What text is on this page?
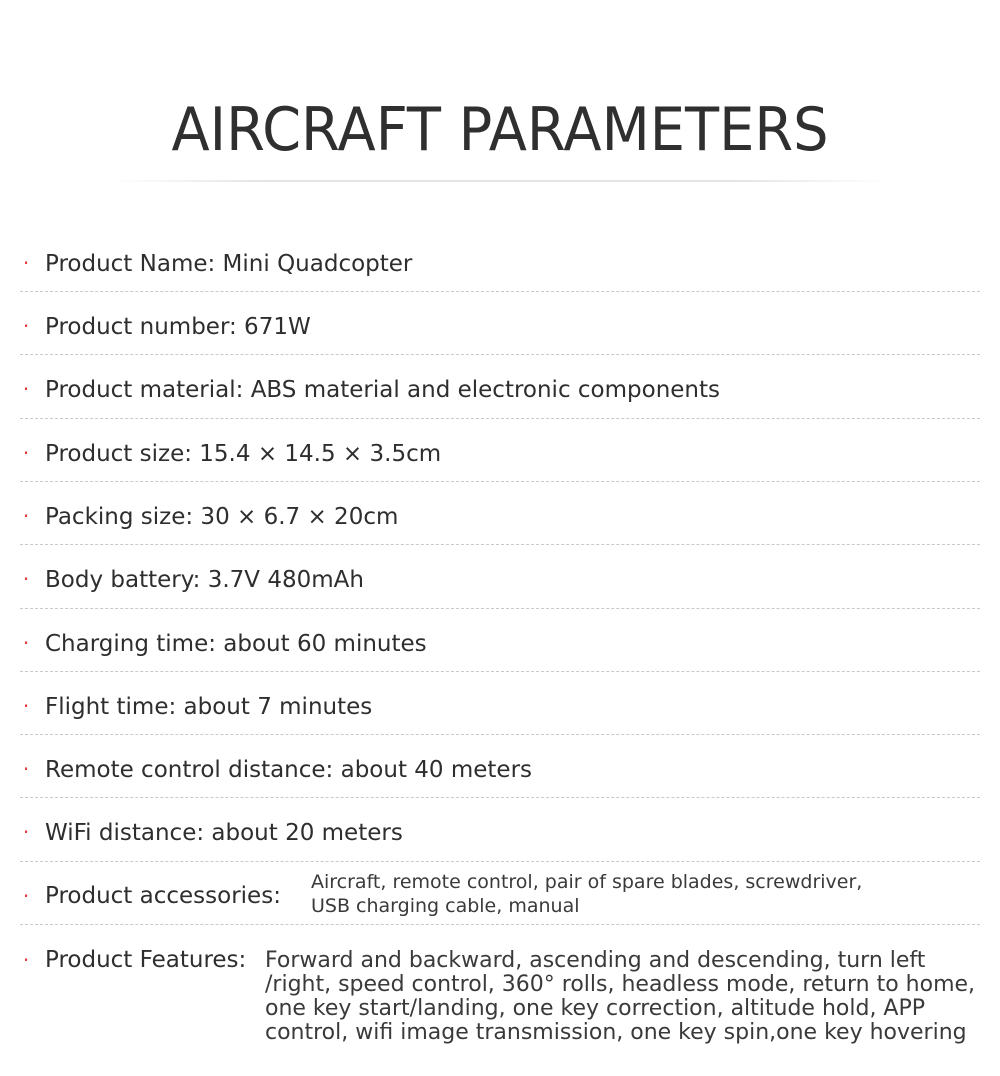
AIRCRAFT PARAMETERS
· Product Name: Mini Quadcopter
· Product number: 671W
· Product material: ABS material and electronic components
· Product size: 15.4 × 14.5 × 3.5cm
· Packing size: 30 × 6.7 × 20cm
· Body battery: 3.7V 480mAh
· Charging time: about 60 minutes
· Flight time: about 7 minutes
· Remote control distance: about 40 meters
· WiFi distance: about 20 meters
· Product accessories:
Aircraft, remote control, pair of spare blades, screwdriver,
USB charging cable, manual
· Product Features: Forward and backward, ascending and descending, turn left
/right, speed control, 360° rolls, headless mode, return to home,
one key start/landing, one key correction, altitude hold, APP
control, wifi image transmission, one key spin,one key hovering
